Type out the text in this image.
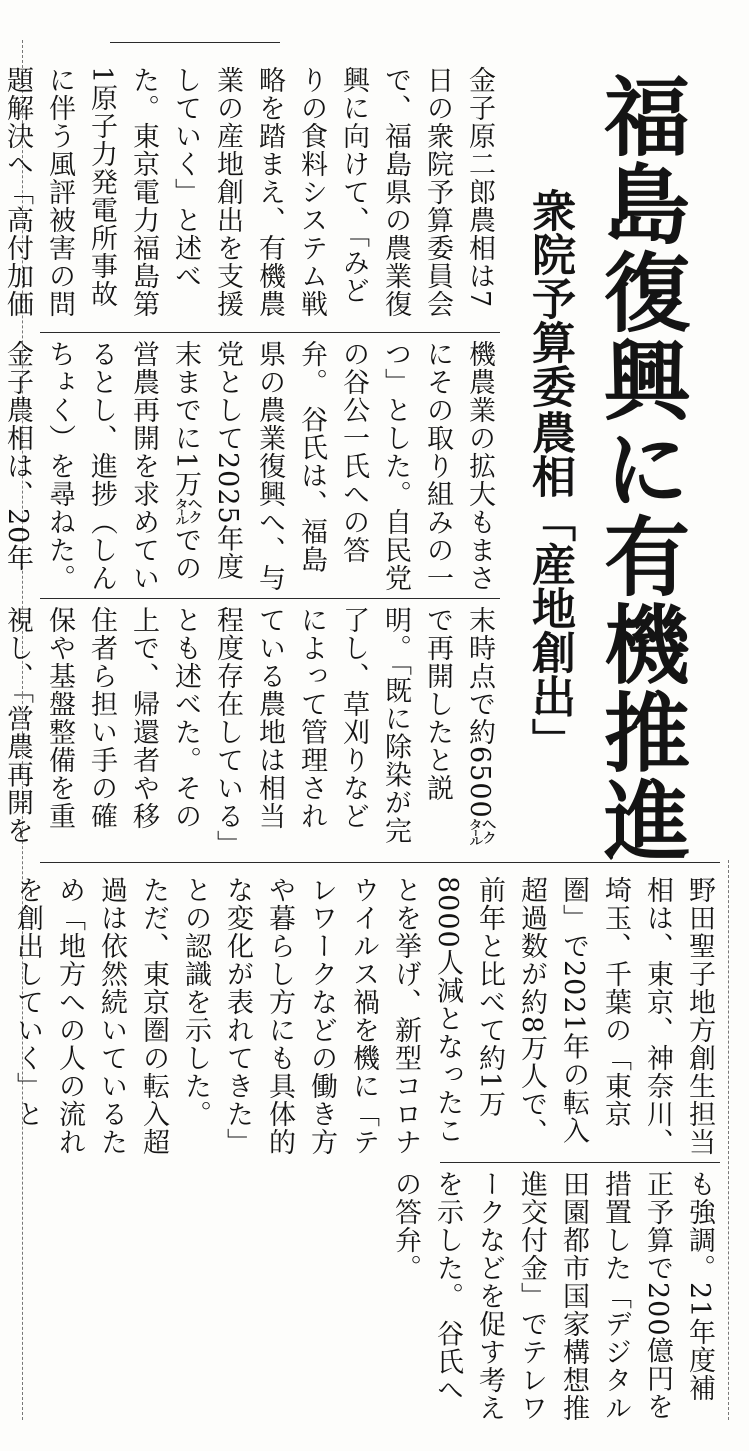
福島復興に有機推進
衆院予算委
農相「産地創出」
金子原二郎農相は7日の衆院予算委員会で、福島県の農業復興に向けて、「みどりの食料システム戦略を踏まえ、有機農業の産地創出を支援していく」と述べた。東京電力福島第1原子力発電所事故に伴う風評被害の問題解決へ「高付加価
機農業の拡大もまさにその取り組みの一つ」とした。自民党の谷公一氏への答弁。 谷氏は、福島県の農業復興へ、与党として2025年度末までに1万㌶での営農再開を求めているとし、進捗（しんちょく）を尋ねた。 金子農相は、20年
末時点で約6500㌶で再開したと説明。「既に除染が完了し、草刈りなどによって管理されている農地は相当程度存在している」とも述べた。その上で、帰還者や移住者ら担い手の確保や基盤整備を重視し、「営農再開を
野田聖子地方創生担当相は、東京、神奈川、埼玉、千葉の「東京圏」で2021年の転入超過数が約8万人で、前年と比べて約1万8000人減となったことを挙げ、新型コロナウイルス禍を機に「テレワークなどの働き方や暮らし方にも具体的な変化が表れてきた」との認識を示した。 ただ、東京圏の転入超過は依然続いているため「地方への人の流れを創出していく」と
も強調。21年度補正予算で200億円を措置した「デジタル田園都市国家構想推進交付金」でテレワークなどを促す考えを示した。 谷氏への答弁。
